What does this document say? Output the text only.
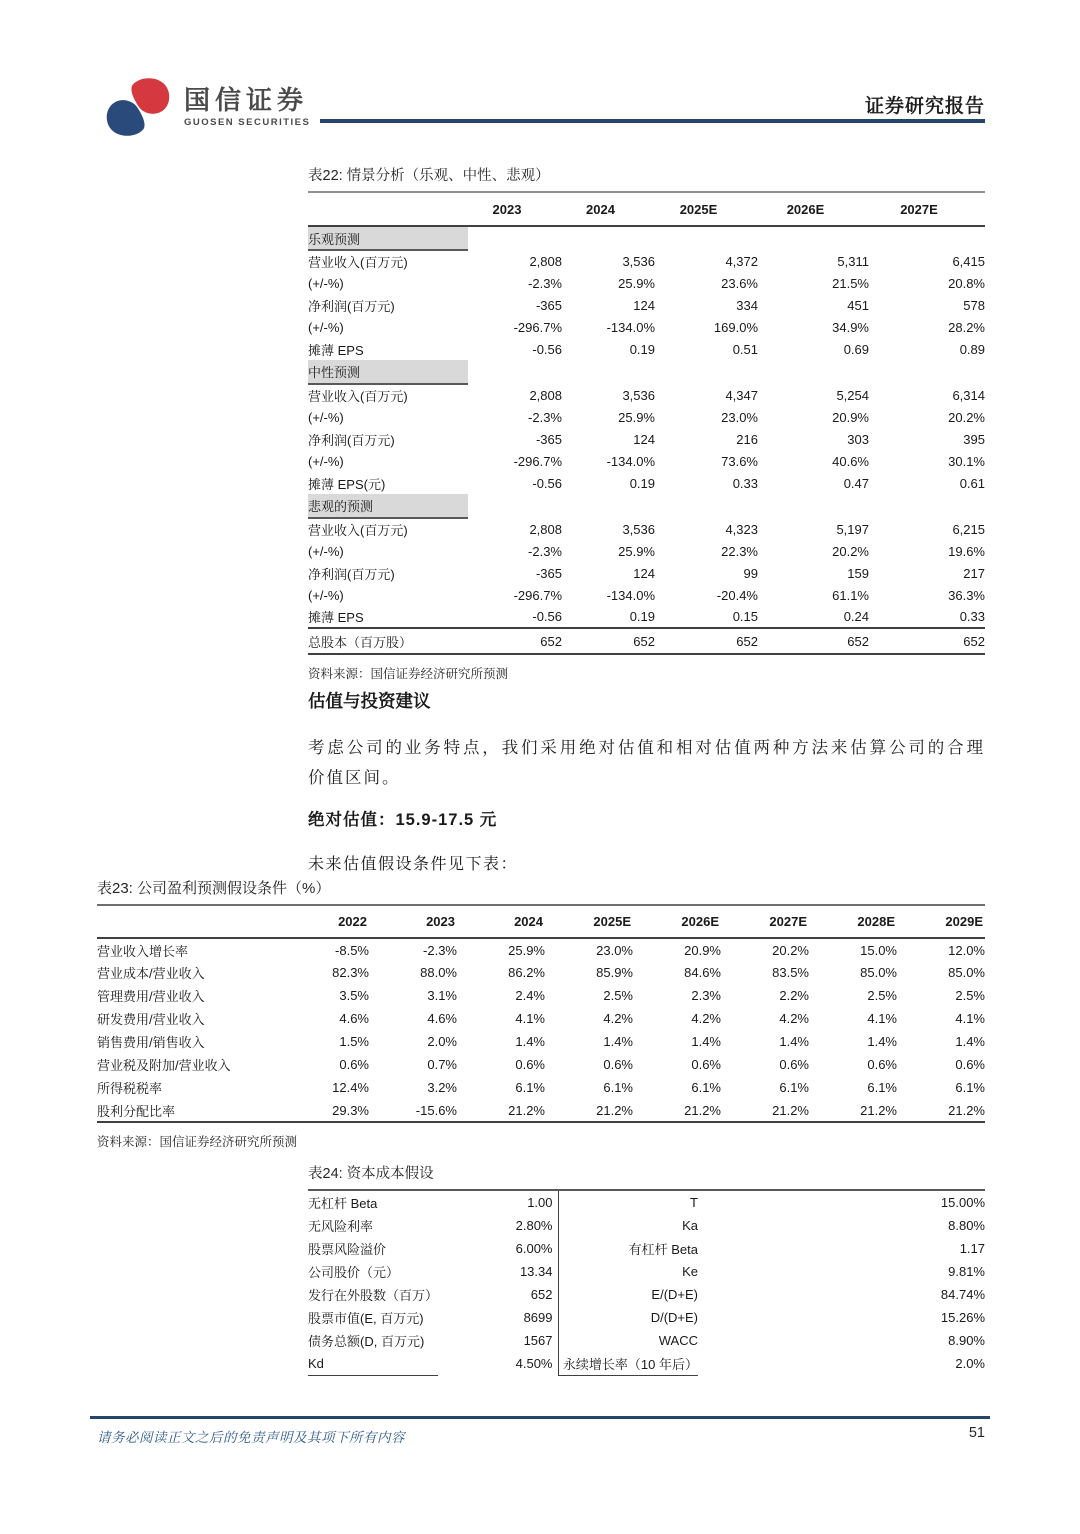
国信证券
GUOSEN SECURITIES
证券研究报告
表22: 情景分析（乐观、中性、悲观）
	2023	2024	2025E	2026E	2027E
乐观预测					
营业收入(百万元)	2,808	3,536	4,372	5,311	6,415
(+/-%)	-2.3%	25.9%	23.6%	21.5%	20.8%
净利润(百万元)	-365	124	334	451	578
(+/-%)	-296.7%	-134.0%	169.0%	34.9%	28.2%
摊薄 EPS	-0.56	0.19	0.51	0.69	0.89
中性预测					
营业收入(百万元)	2,808	3,536	4,347	5,254	6,314
(+/-%)	-2.3%	25.9%	23.0%	20.9%	20.2%
净利润(百万元)	-365	124	216	303	395
(+/-%)	-296.7%	-134.0%	73.6%	40.6%	30.1%
摊薄 EPS(元)	-0.56	0.19	0.33	0.47	0.61
悲观的预测					
营业收入(百万元)	2,808	3,536	4,323	5,197	6,215
(+/-%)	-2.3%	25.9%	22.3%	20.2%	19.6%
净利润(百万元)	-365	124	99	159	217
(+/-%)	-296.7%	-134.0%	-20.4%	61.1%	36.3%
摊薄 EPS	-0.56	0.19	0.15	0.24	0.33
总股本（百万股）	652	652	652	652	652
资料来源：国信证券经济研究所预测
估值与投资建议
考虑公司的业务特点，我们采用绝对估值和相对估值两种方法来估算公司的合理
价值区间。
绝对估值：15.9-17.5 元
未来估值假设条件见下表：
表23: 公司盈利预测假设条件（%）
	2022	2023	2024	2025E	2026E	2027E	2028E	2029E
营业收入增长率	-8.5%	-2.3%	25.9%	23.0%	20.9%	20.2%	15.0%	12.0%
营业成本/营业收入	82.3%	88.0%	86.2%	85.9%	84.6%	83.5%	85.0%	85.0%
管理费用/营业收入	3.5%	3.1%	2.4%	2.5%	2.3%	2.2%	2.5%	2.5%
研发费用/营业收入	4.6%	4.6%	4.1%	4.2%	4.2%	4.2%	4.1%	4.1%
销售费用/销售收入	1.5%	2.0%	1.4%	1.4%	1.4%	1.4%	1.4%	1.4%
营业税及附加/营业收入	0.6%	0.7%	0.6%	0.6%	0.6%	0.6%	0.6%	0.6%
所得税税率	12.4%	3.2%	6.1%	6.1%	6.1%	6.1%	6.1%	6.1%
股利分配比率	29.3%	-15.6%	21.2%	21.2%	21.2%	21.2%	21.2%	21.2%
资料来源：国信证券经济研究所预测
表24: 资本成本假设
无杠杆 Beta	1.00	T	15.00%
无风险利率	2.80%	Ka	8.80%
股票风险溢价	6.00%	有杠杆 Beta	1.17
公司股价（元）	13.34	Ke	9.81%
发行在外股数（百万）	652	E/(D+E)	84.74%
股票市值(E, 百万元)	8699	D/(D+E)	15.26%
债务总额(D, 百万元)	1567	WACC	8.90%
Kd	4.50%	永续增长率（10 年后）	2.0%
请务必阅读正文之后的免责声明及其项下所有内容	51
